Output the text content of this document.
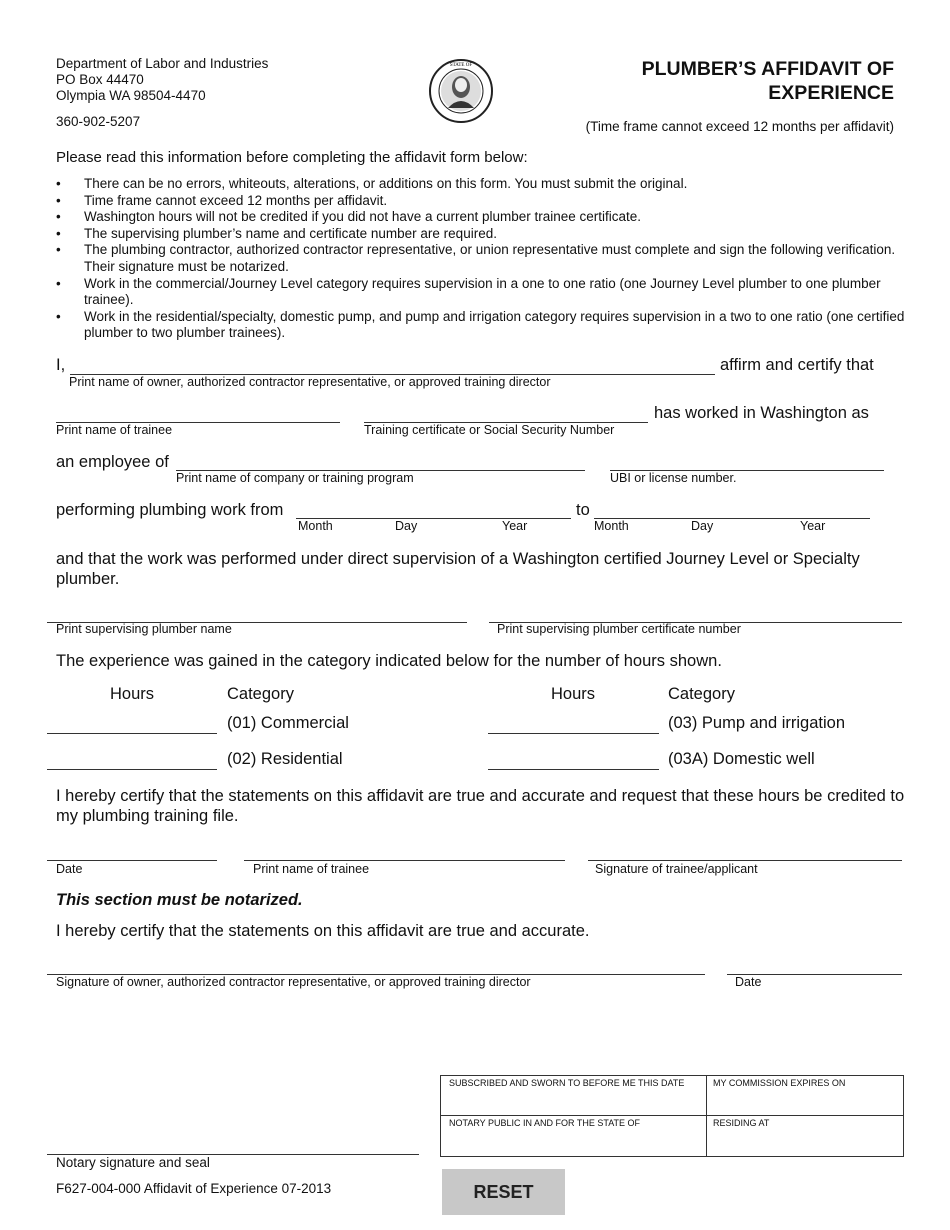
Department of Labor and Industries
PO Box 44470
Olympia WA 98504-4470
360-902-5207
STATE OF	PLUMBER’S AFFIDAVIT OF
EXPERIENCE
(Time frame cannot exceed 12 months per affidavit)
Please read this information before completing the affidavit form below:
• There can be no errors, whiteouts, alterations, or additions on this form. You must submit the original.
• Time frame cannot exceed 12 months per affidavit.
• Washington hours will not be credited if you did not have a current plumber trainee certificate.
• The supervising plumber’s name and certificate number are required.
• The plumbing contractor, authorized contractor representative, or union representative must complete and sign the following verification. Their signature must be notarized.
• Work in the commercial/Journey Level category requires supervision in a one to one ratio (one Journey Level plumber to one plumber trainee).
• Work in the residential/specialty, domestic pump, and pump and irrigation category requires supervision in a two to one ratio (one certified plumber to two plumber trainees).
I,	affirm and certify that
Print name of owner, authorized contractor representative, or approved training director
has worked in Washington as
Print name of trainee	Training certificate or Social Security Number
an employee of
Print name of company or training program	UBI or license number.
performing plumbing work from	to
Month	Day	Year	Month	Day	Year
and that the work was performed under direct supervision of a Washington certified Journey Level or Specialty plumber.
Print supervising plumber name	Print supervising plumber certificate number
The experience was gained in the category indicated below for the number of hours shown.
Hours	Category	Hours	Category
(01) Commercial	(03) Pump and irrigation
(02) Residential	(03A) Domestic well
I hereby certify that the statements on this affidavit are true and accurate and request that these hours be credited to my plumbing training file.
Date	Print name of trainee	Signature of trainee/applicant
This section must be notarized.
I hereby certify that the statements on this affidavit are true and accurate.
Signature of owner, authorized contractor representative, or approved training director	Date
SUBSCRIBED AND SWORN TO BEFORE ME THIS DATE	MY COMMISSION EXPIRES ON
NOTARY PUBLIC IN AND FOR THE STATE OF	RESIDING AT
Notary signature and seal
F627-004-000 Affidavit of Experience 07-2013	RESET
